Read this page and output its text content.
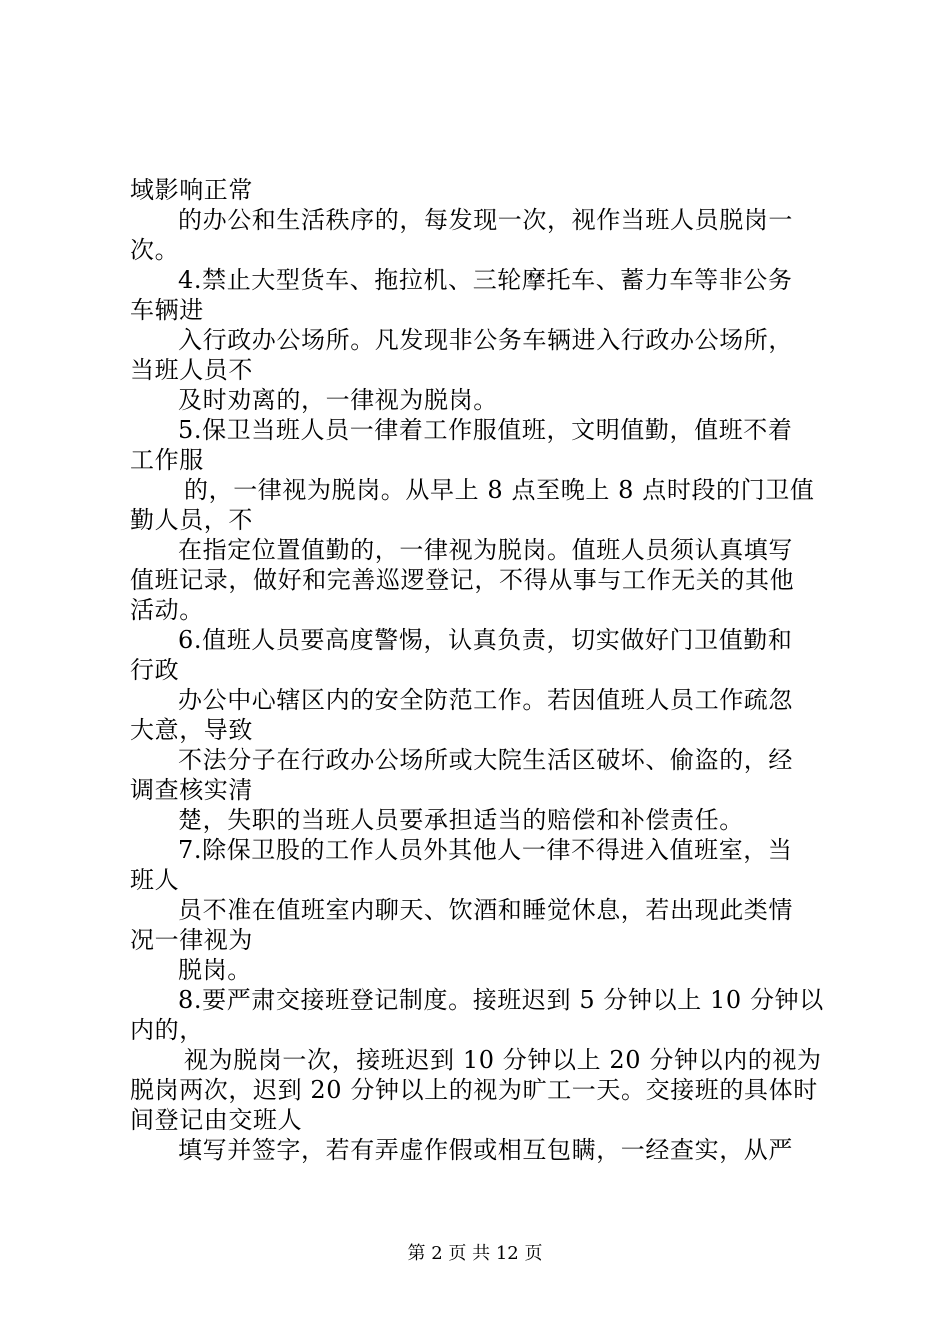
域影响正常
的办公和生活秩序的，每发现一次，视作当班人员脱岗一
次。
4.禁止大型货车、拖拉机、三轮摩托车、蓄力车等非公务
车辆进
入行政办公场所。凡发现非公务车辆进入行政办公场所，
当班人员不
及时劝离的，一律视为脱岗。
5.保卫当班人员一律着工作服值班，文明值勤，值班不着
工作服
的，一律视为脱岗。从早上 8 点至晚上 8 点时段的门卫值
勤人员，不
在指定位置值勤的，一律视为脱岗。值班人员须认真填写
值班记录，做好和完善巡逻登记，不得从事与工作无关的其他
活动。
6.值班人员要高度警惕，认真负责，切实做好门卫值勤和
行政
办公中心辖区内的安全防范工作。若因值班人员工作疏忽
大意，导致
不法分子在行政办公场所或大院生活区破坏、偷盗的，经
调查核实清
楚，失职的当班人员要承担适当的赔偿和补偿责任。
7.除保卫股的工作人员外其他人一律不得进入值班室，当
班人
员不准在值班室内聊天、饮酒和睡觉休息，若出现此类情
况一律视为
脱岗。
8.要严肃交接班登记制度。接班迟到 5 分钟以上 10 分钟以
内的，
视为脱岗一次，接班迟到 10 分钟以上 20 分钟以内的视为
脱岗两次，迟到 20 分钟以上的视为旷工一天。交接班的具体时
间登记由交班人
填写并签字，若有弄虚作假或相互包瞒，一经查实，从严
第 2 页 共 12 页
